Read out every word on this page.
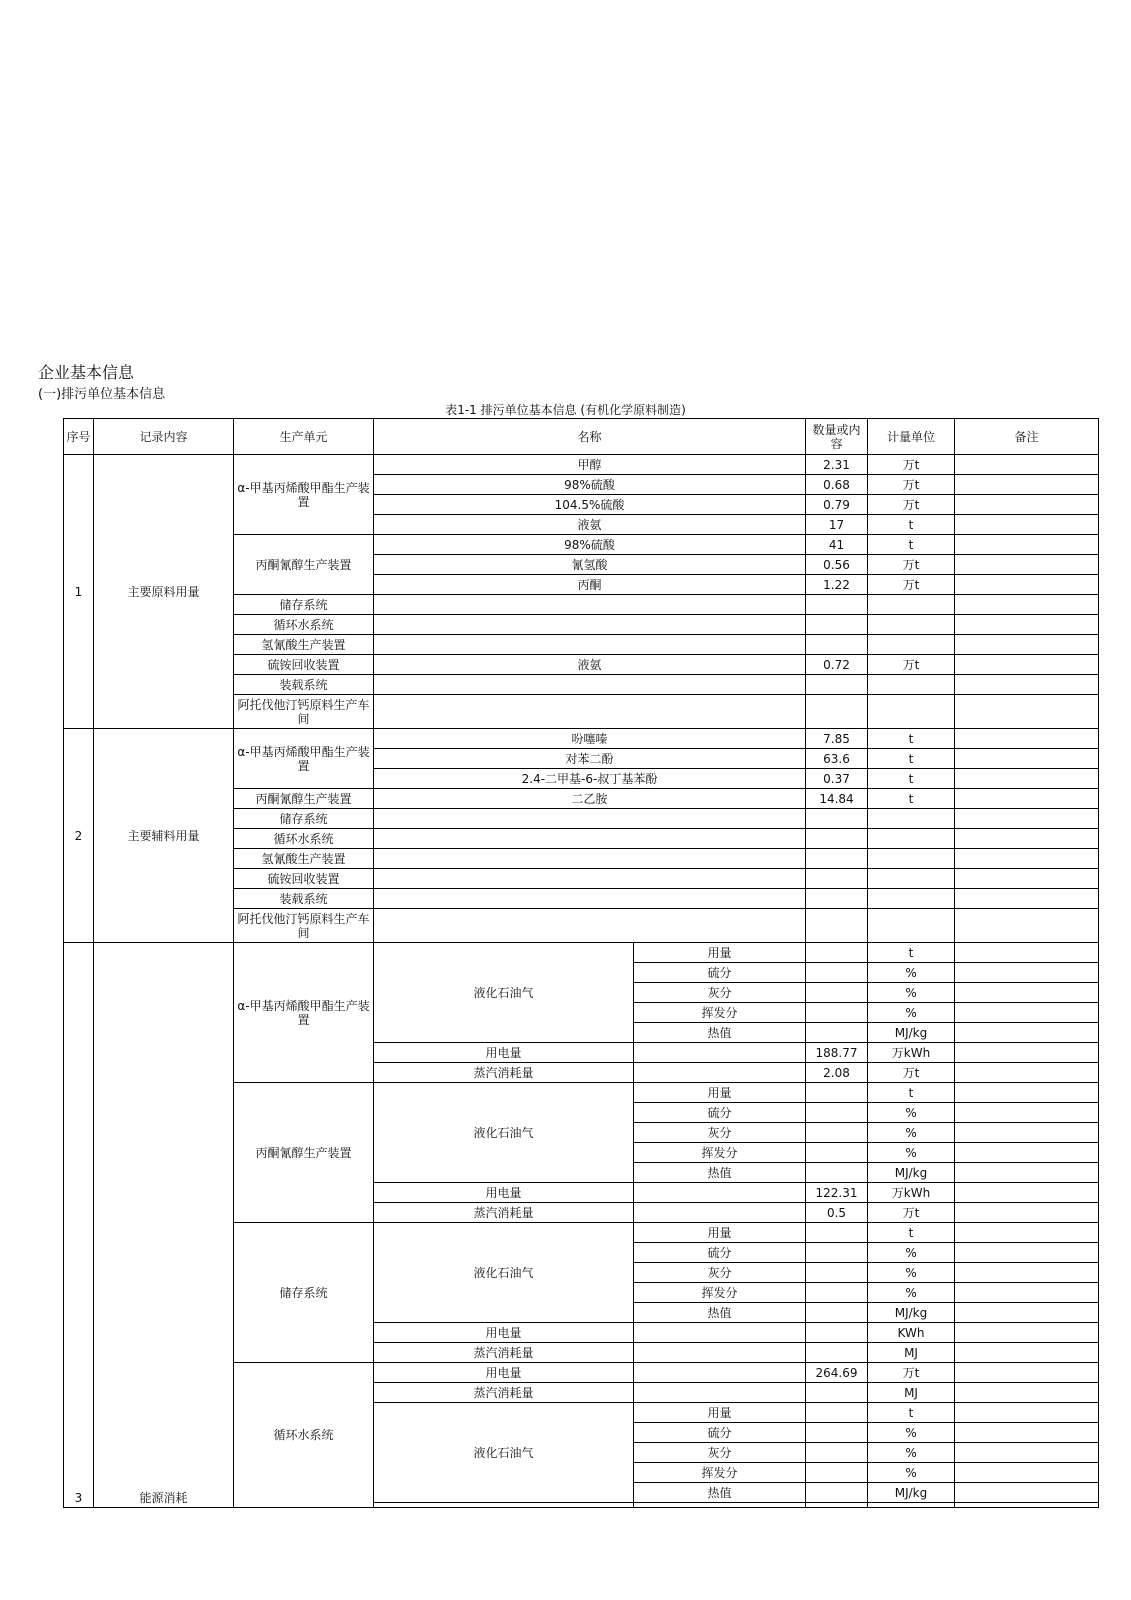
企业基本信息
(一)排污单位基本信息
表1-1 排污单位基本信息 (有机化学原料制造)
序号	记录内容	生产单元	名称		数量或内容	计量单位	备注
1	主要原料用量	α-甲基丙烯酸甲酯生产装置	甲醇		2.31	万t	
			98%硫酸		0.68	万t	
			104.5%硫酸		0.79	万t	
			液氨		17	t	
		丙酮氰醇生产装置	98%硫酸		41	t	
			氰氢酸		0.56	万t	
			丙酮		1.22	万t	
		储存系统					
		循环水系统					
		氢氰酸生产装置					
		硫铵回收装置	液氨		0.72	万t	
		装载系统					
		阿托伐他汀钙原料生产车间					

2	主要辅料用量	α-甲基丙烯酸甲酯生产装置	吩噻嗪		7.85	t	
			对苯二酚		63.6	t	
			2.4-二甲基-6-叔丁基苯酚		0.37	t	
		丙酮氰醇生产装置	二乙胺		14.84	t	
		储存系统					
		循环水系统					
		氢氰酸生产装置					
		硫铵回收装置					
		装载系统					
		阿托伐他汀钙原料生产车间					

3	能源消耗	α-甲基丙烯酸甲酯生产装置	液化石油气	用量		t	
				硫分		%	
				灰分		%	
				挥发分		%	
				热值		MJ/kg	
			用电量		188.77	万kWh	
			蒸汽消耗量		2.08	万t	
		丙酮氰醇生产装置	液化石油气	用量		t	
				硫分		%	
				灰分		%	
				挥发分		%	
				热值		MJ/kg	
			用电量		122.31	万kWh	
			蒸汽消耗量		0.5	万t	
		储存系统	液化石油气	用量		t	
				硫分		%	
				灰分		%	
				挥发分		%	
				热值		MJ/kg	
			用电量			KWh	
			蒸汽消耗量			MJ	
		循环水系统	用电量		264.69	万t	
			蒸汽消耗量			MJ	
			液化石油气	用量		t	
				硫分		%	
				灰分		%	
				挥发分		%	
				热值		MJ/kg	
